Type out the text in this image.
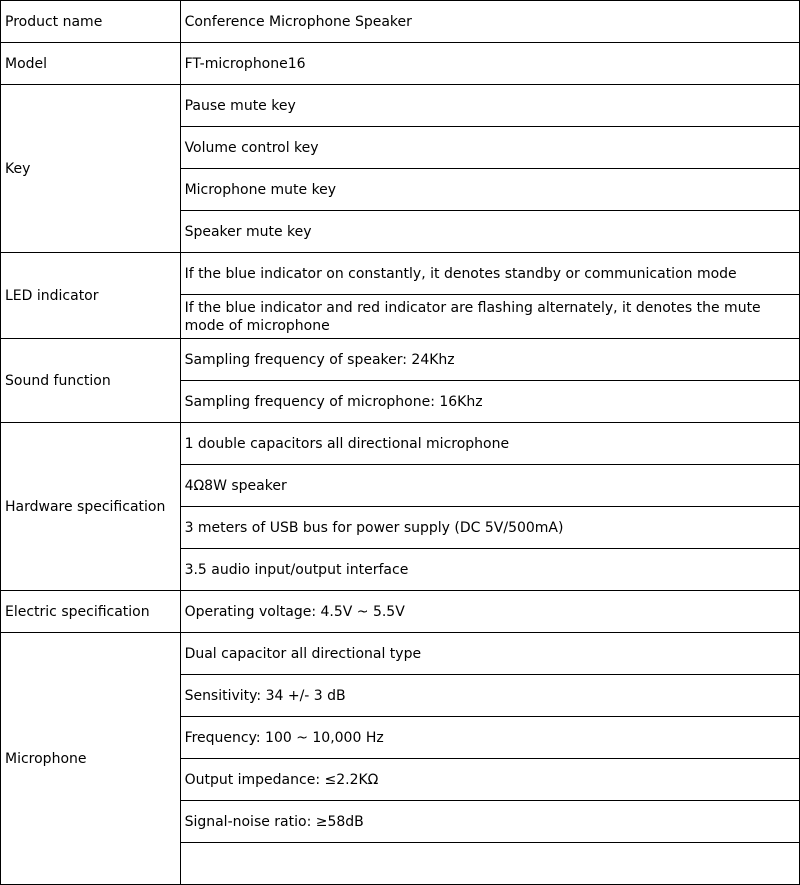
Product name	Conference Microphone Speaker
Model	FT-microphone16
Key	Pause mute key
	Volume control key
	Microphone mute key
	Speaker mute key
LED indicator	If the blue indicator on constantly, it denotes standby or communication mode
	If the blue indicator and red indicator are flashing alternately, it denotes the mute mode of microphone
Sound function	Sampling frequency of speaker: 24Khz
	Sampling frequency of microphone: 16Khz
Hardware specification	1 double capacitors all directional microphone
	4Ω8W speaker
	3 meters of USB bus for power supply (DC 5V/500mA)
	3.5 audio input/output interface
Electric specification	Operating voltage: 4.5V ~ 5.5V
Microphone	Dual capacitor all directional type
	Sensitivity: 34 +/- 3 dB
	Frequency: 100 ~ 10,000 Hz
	Output impedance: ≤2.2KΩ
	Signal-noise ratio: ≥58dB
